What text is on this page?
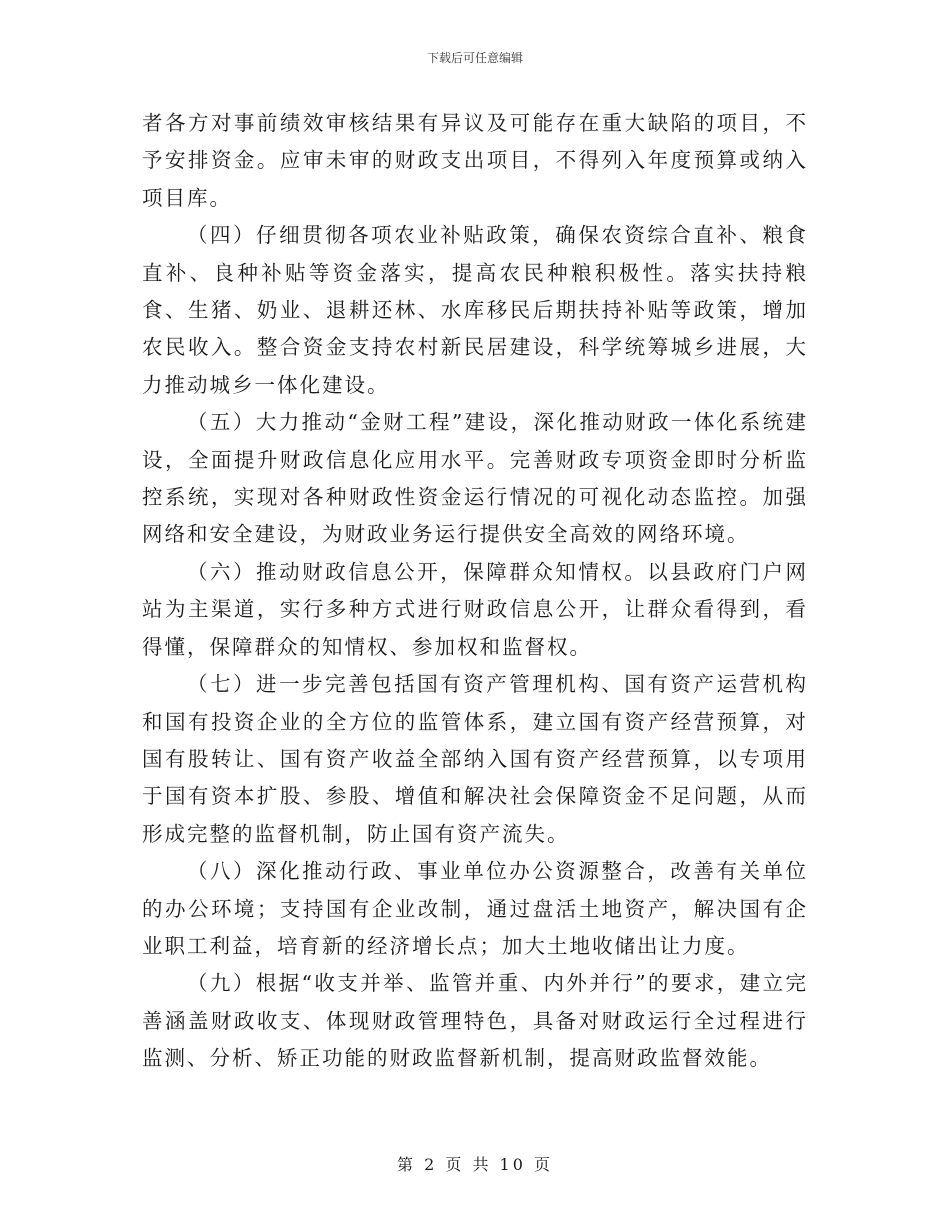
下载后可任意编辑

者各方对事前绩效审核结果有异议及可能存在重大缺陷的项目，不予安排资金。应审未审的财政支出项目，不得列入年度预算或纳入项目库。

（四）仔细贯彻各项农业补贴政策，确保农资综合直补、粮食直补、良种补贴等资金落实，提高农民种粮积极性。落实扶持粮食、生猪、奶业、退耕还林、水库移民后期扶持补贴等政策，增加农民收入。整合资金支持农村新民居建设，科学统筹城乡进展，大力推动城乡一体化建设。

（五）大力推动“金财工程”建设，深化推动财政一体化系统建设，全面提升财政信息化应用水平。完善财政专项资金即时分析监控系统，实现对各种财政性资金运行情况的可视化动态监控。加强网络和安全建设，为财政业务运行提供安全高效的网络环境。

（六）推动财政信息公开，保障群众知情权。以县政府门户网站为主渠道，实行多种方式进行财政信息公开，让群众看得到，看得懂，保障群众的知情权、参加权和监督权。

（七）进一步完善包括国有资产管理机构、国有资产运营机构和国有投资企业的全方位的监管体系，建立国有资产经营预算，对国有股转让、国有资产收益全部纳入国有资产经营预算，以专项用于国有资本扩股、参股、增值和解决社会保障资金不足问题，从而形成完整的监督机制，防止国有资产流失。

（八）深化推动行政、事业单位办公资源整合，改善有关单位的办公环境；支持国有企业改制，通过盘活土地资产，解决国有企业职工利益，培育新的经济增长点；加大土地收储出让力度。

（九）根据“收支并举、监管并重、内外并行”的要求，建立完善涵盖财政收支、体现财政管理特色，具备对财政运行全过程进行监测、分析、矫正功能的财政监督新机制，提高财政监督效能。

第 2 页 共 10 页
